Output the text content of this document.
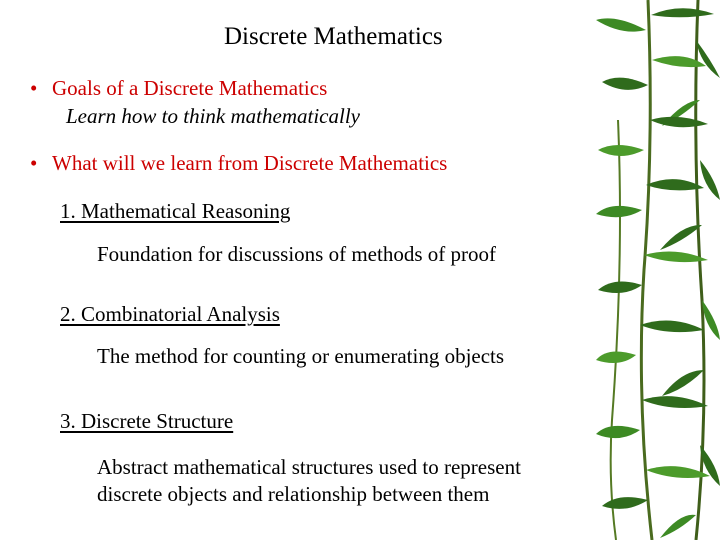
Discrete Mathematics
• Goals of a Discrete Mathematics
Learn how to think mathematically
• What will we learn from Discrete Mathematics
1. Mathematical Reasoning
Foundation for discussions of methods of proof
2. Combinatorial Analysis
The method for counting or enumerating objects
3. Discrete Structure
Abstract mathematical structures used to represent
discrete objects and relationship between them
